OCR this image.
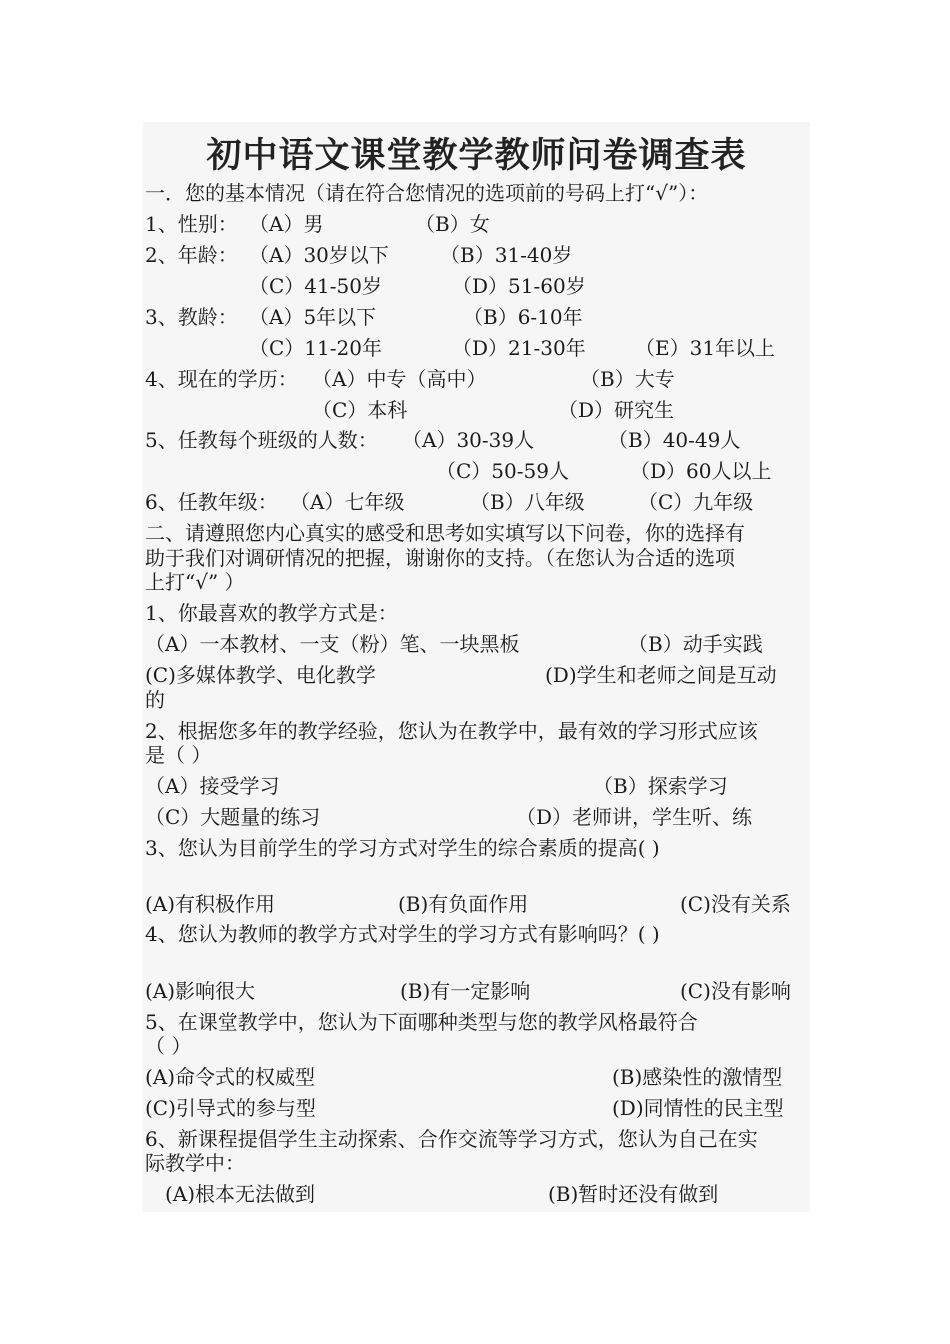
初中语文课堂教学教师问卷调查表
一．您的基本情况（请在符合您情况的选项前的号码上打“√”）：
1、性别： （A）男	（B）女
2、年龄： （A）30岁以下	（B）31-40岁
（C）41-50岁	（D）51-60岁
3、教龄： （A）5年以下	（B）6-10年
（C）11-20年	（D）21-30年 （E）31年以上
4、现在的学历： （A）中专（高中）	（B）大专
（C）本科	（D）研究生
5、任教每个班级的人数： （A）30-39人	（B）40-49人
（C）50-59人	（D）60人以上
6、任教年级： （A）七年级	（B）八年级	（C）九年级
二、请遵照您内心真实的感受和思考如实填写以下问卷，你的选择有
助于我们对调研情况的把握，谢谢你的支持。（在您认为合适的选项
上打“√” ）
1、你最喜欢的教学方式是：
（A）一本教材、一支（粉）笔、一块黑板	（B）动手实践
(C)多媒体教学、电化教学	(D)学生和老师之间是互动
的
2、根据您多年的教学经验，您认为在教学中，最有效的学习形式应该
是（ ）
（A）接受学习	（B）探索学习
（C）大题量的练习	（D）老师讲，学生听、练
3、您认为目前学生的学习方式对学生的综合素质的提高( )
(A)有积极作用	(B)有负面作用	(C)没有关系
4、您认为教师的教学方式对学生的学习方式有影响吗？( )
(A)影响很大	(B)有一定影响	(C)没有影响
5、在课堂教学中，您认为下面哪种类型与您的教学风格最符合
（ ）
(A)命令式的权威型	(B)感染性的激情型
(C)引导式的参与型	(D)同情性的民主型
6、新课程提倡学生主动探索、合作交流等学习方式，您认为自己在实
际教学中：
(A)根本无法做到	(B)暂时还没有做到
